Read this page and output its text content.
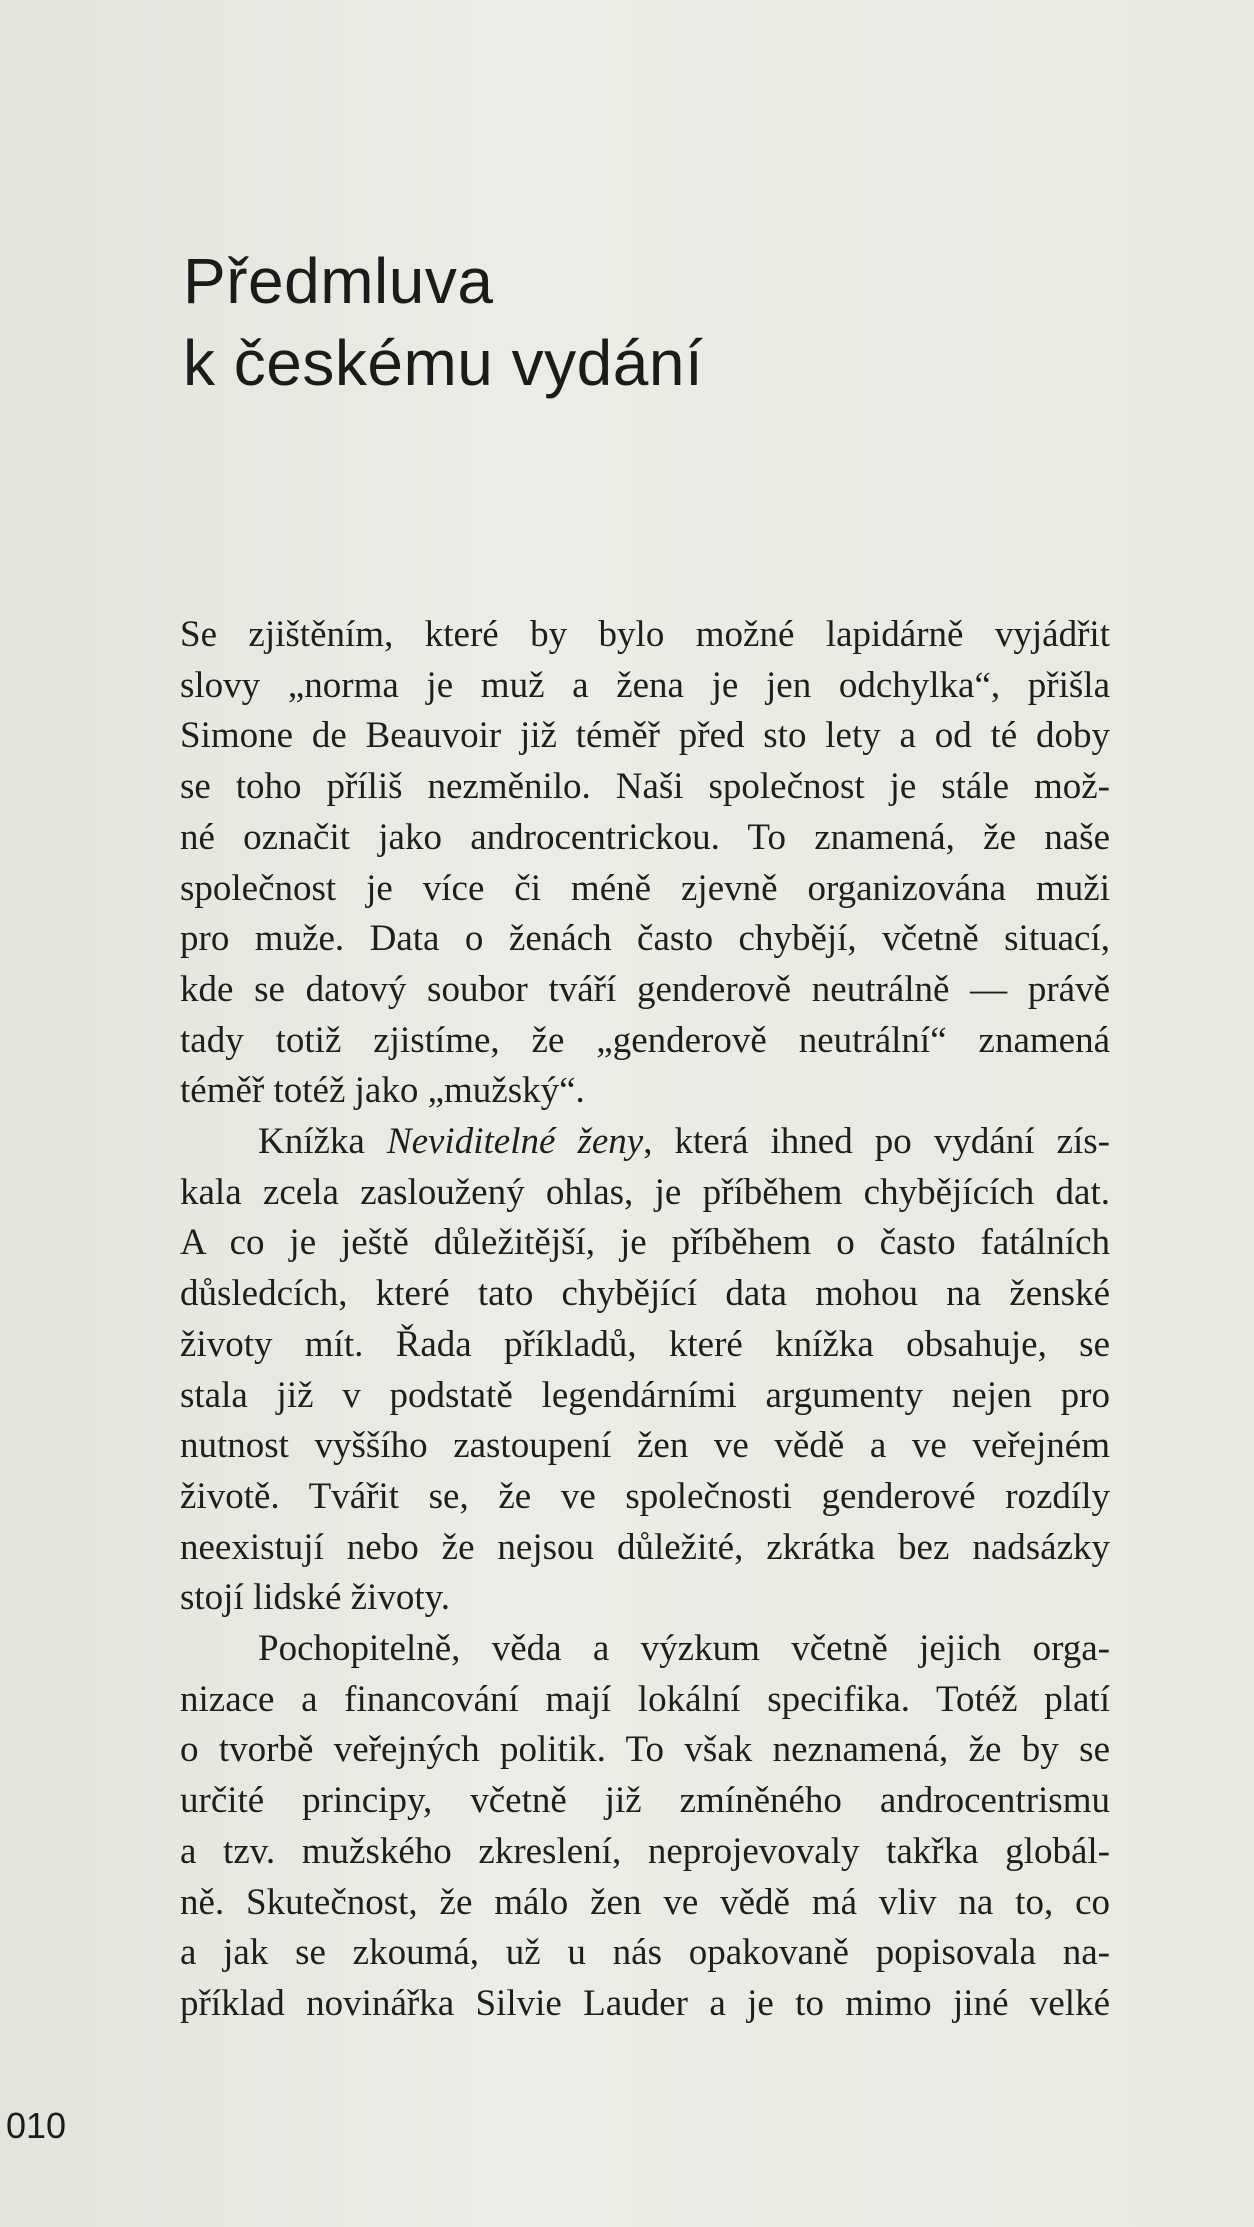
Předmluva
k českému vydání
Se zjištěním, které by bylo možné lapidárně vyjádřit
slovy „norma je muž a žena je jen odchylka“, přišla
Simone de Beauvoir již téměř před sto lety a od té doby
se toho příliš nezměnilo. Naši společnost je stále mož-
né označit jako androcentrickou. To znamená, že naše
společnost je více či méně zjevně organizována muži
pro muže. Data o ženách často chybějí, včetně situací,
kde se datový soubor tváří genderově neutrálně — právě
tady totiž zjistíme, že „genderově neutrální“ znamená
téměř totéž jako „mužský“.
Knížka Neviditelné ženy, která ihned po vydání zís-
kala zcela zasloužený ohlas, je příběhem chybějících dat.
A co je ještě důležitější, je příběhem o často fatálních
důsledcích, které tato chybějící data mohou na ženské
životy mít. Řada příkladů, které knížka obsahuje, se
stala již v podstatě legendárními argumenty nejen pro
nutnost vyššího zastoupení žen ve vědě a ve veřejném
životě. Tvářit se, že ve společnosti genderové rozdíly
neexistují nebo že nejsou důležité, zkrátka bez nadsázky
stojí lidské životy.
Pochopitelně, věda a výzkum včetně jejich orga-
nizace a financování mají lokální specifika. Totéž platí
o tvorbě veřejných politik. To však neznamená, že by se
určité principy, včetně již zmíněného androcentrismu
a tzv. mužského zkreslení, neprojevovaly takřka globál-
ně. Skutečnost, že málo žen ve vědě má vliv na to, co
a jak se zkoumá, už u nás opakovaně popisovala na-
příklad novinářka Silvie Lauder a je to mimo jiné velké
010
